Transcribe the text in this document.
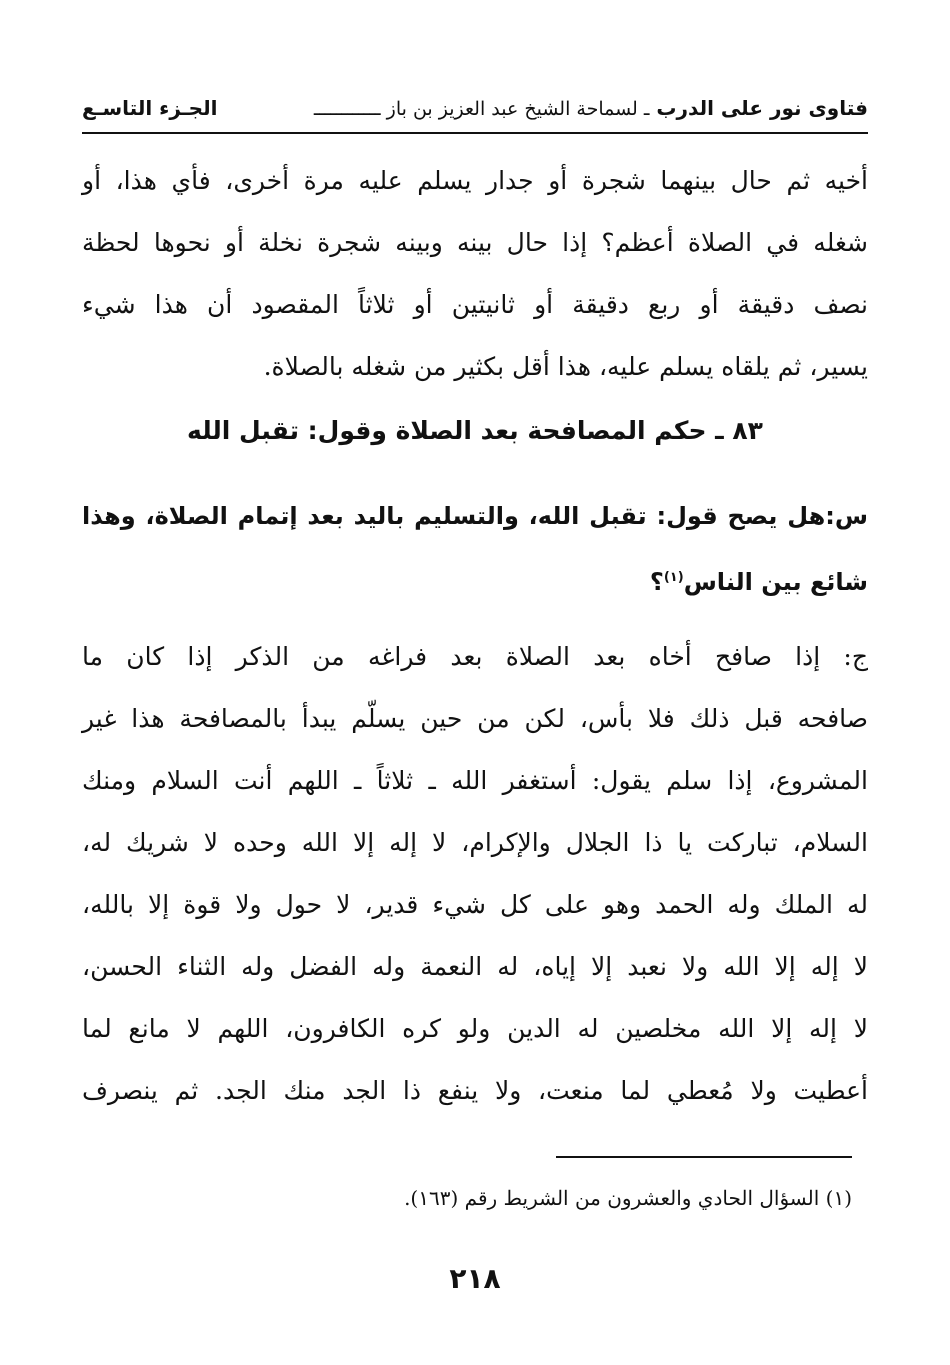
فتاوى نور على الدرب ـ لسماحة الشيخ عبد العزيز بن باز ــــــــــــ
الجـزء التاسـع
أخيه ثم حال بينهما شجرة أو جدار يسلم عليه مرة أخرى، فأي هذا، أو
شغله في الصلاة أعظم؟ إذا حال بينه وبينه شجرة نخلة أو نحوها لحظة
نصف دقيقة أو ربع دقيقة أو ثانيتين أو ثلاثاً المقصود أن هذا شيء
يسير، ثم يلقاه يسلم عليه، هذا أقل بكثير من شغله بالصلاة.
٨٣ ـ حكم المصافحة بعد الصلاة وقول: تقبل الله
س:هل يصح قول: تقبل الله، والتسليم باليد بعد إتمام الصلاة، وهذا
شائع بين الناس$^{(١)}$؟
ج: إذا صافح أخاه بعد الصلاة بعد فراغه من الذكر إذا كان ما
صافحه قبل ذلك فلا بأس، لكن من حين يسلّم يبدأ بالمصافحة هذا غير
المشروع، إذا سلم يقول: أستغفر الله ـ ثلاثاً ـ اللهم أنت السلام ومنك
السلام، تباركت يا ذا الجلال والإكرام، لا إله إلا الله وحده لا شريك له،
له الملك وله الحمد وهو على كل شيء قدير، لا حول ولا قوة إلا بالله،
لا إله إلا الله ولا نعبد إلا إياه، له النعمة وله الفضل وله الثناء الحسن،
لا إله إلا الله مخلصين له الدين ولو كره الكافرون، اللهم لا مانع لما
أعطيت ولا مُعطي لما منعت، ولا ينفع ذا الجد منك الجد. ثم ينصرف
(١) السؤال الحادي والعشرون من الشريط رقم (١٦٣).
٢١٨
